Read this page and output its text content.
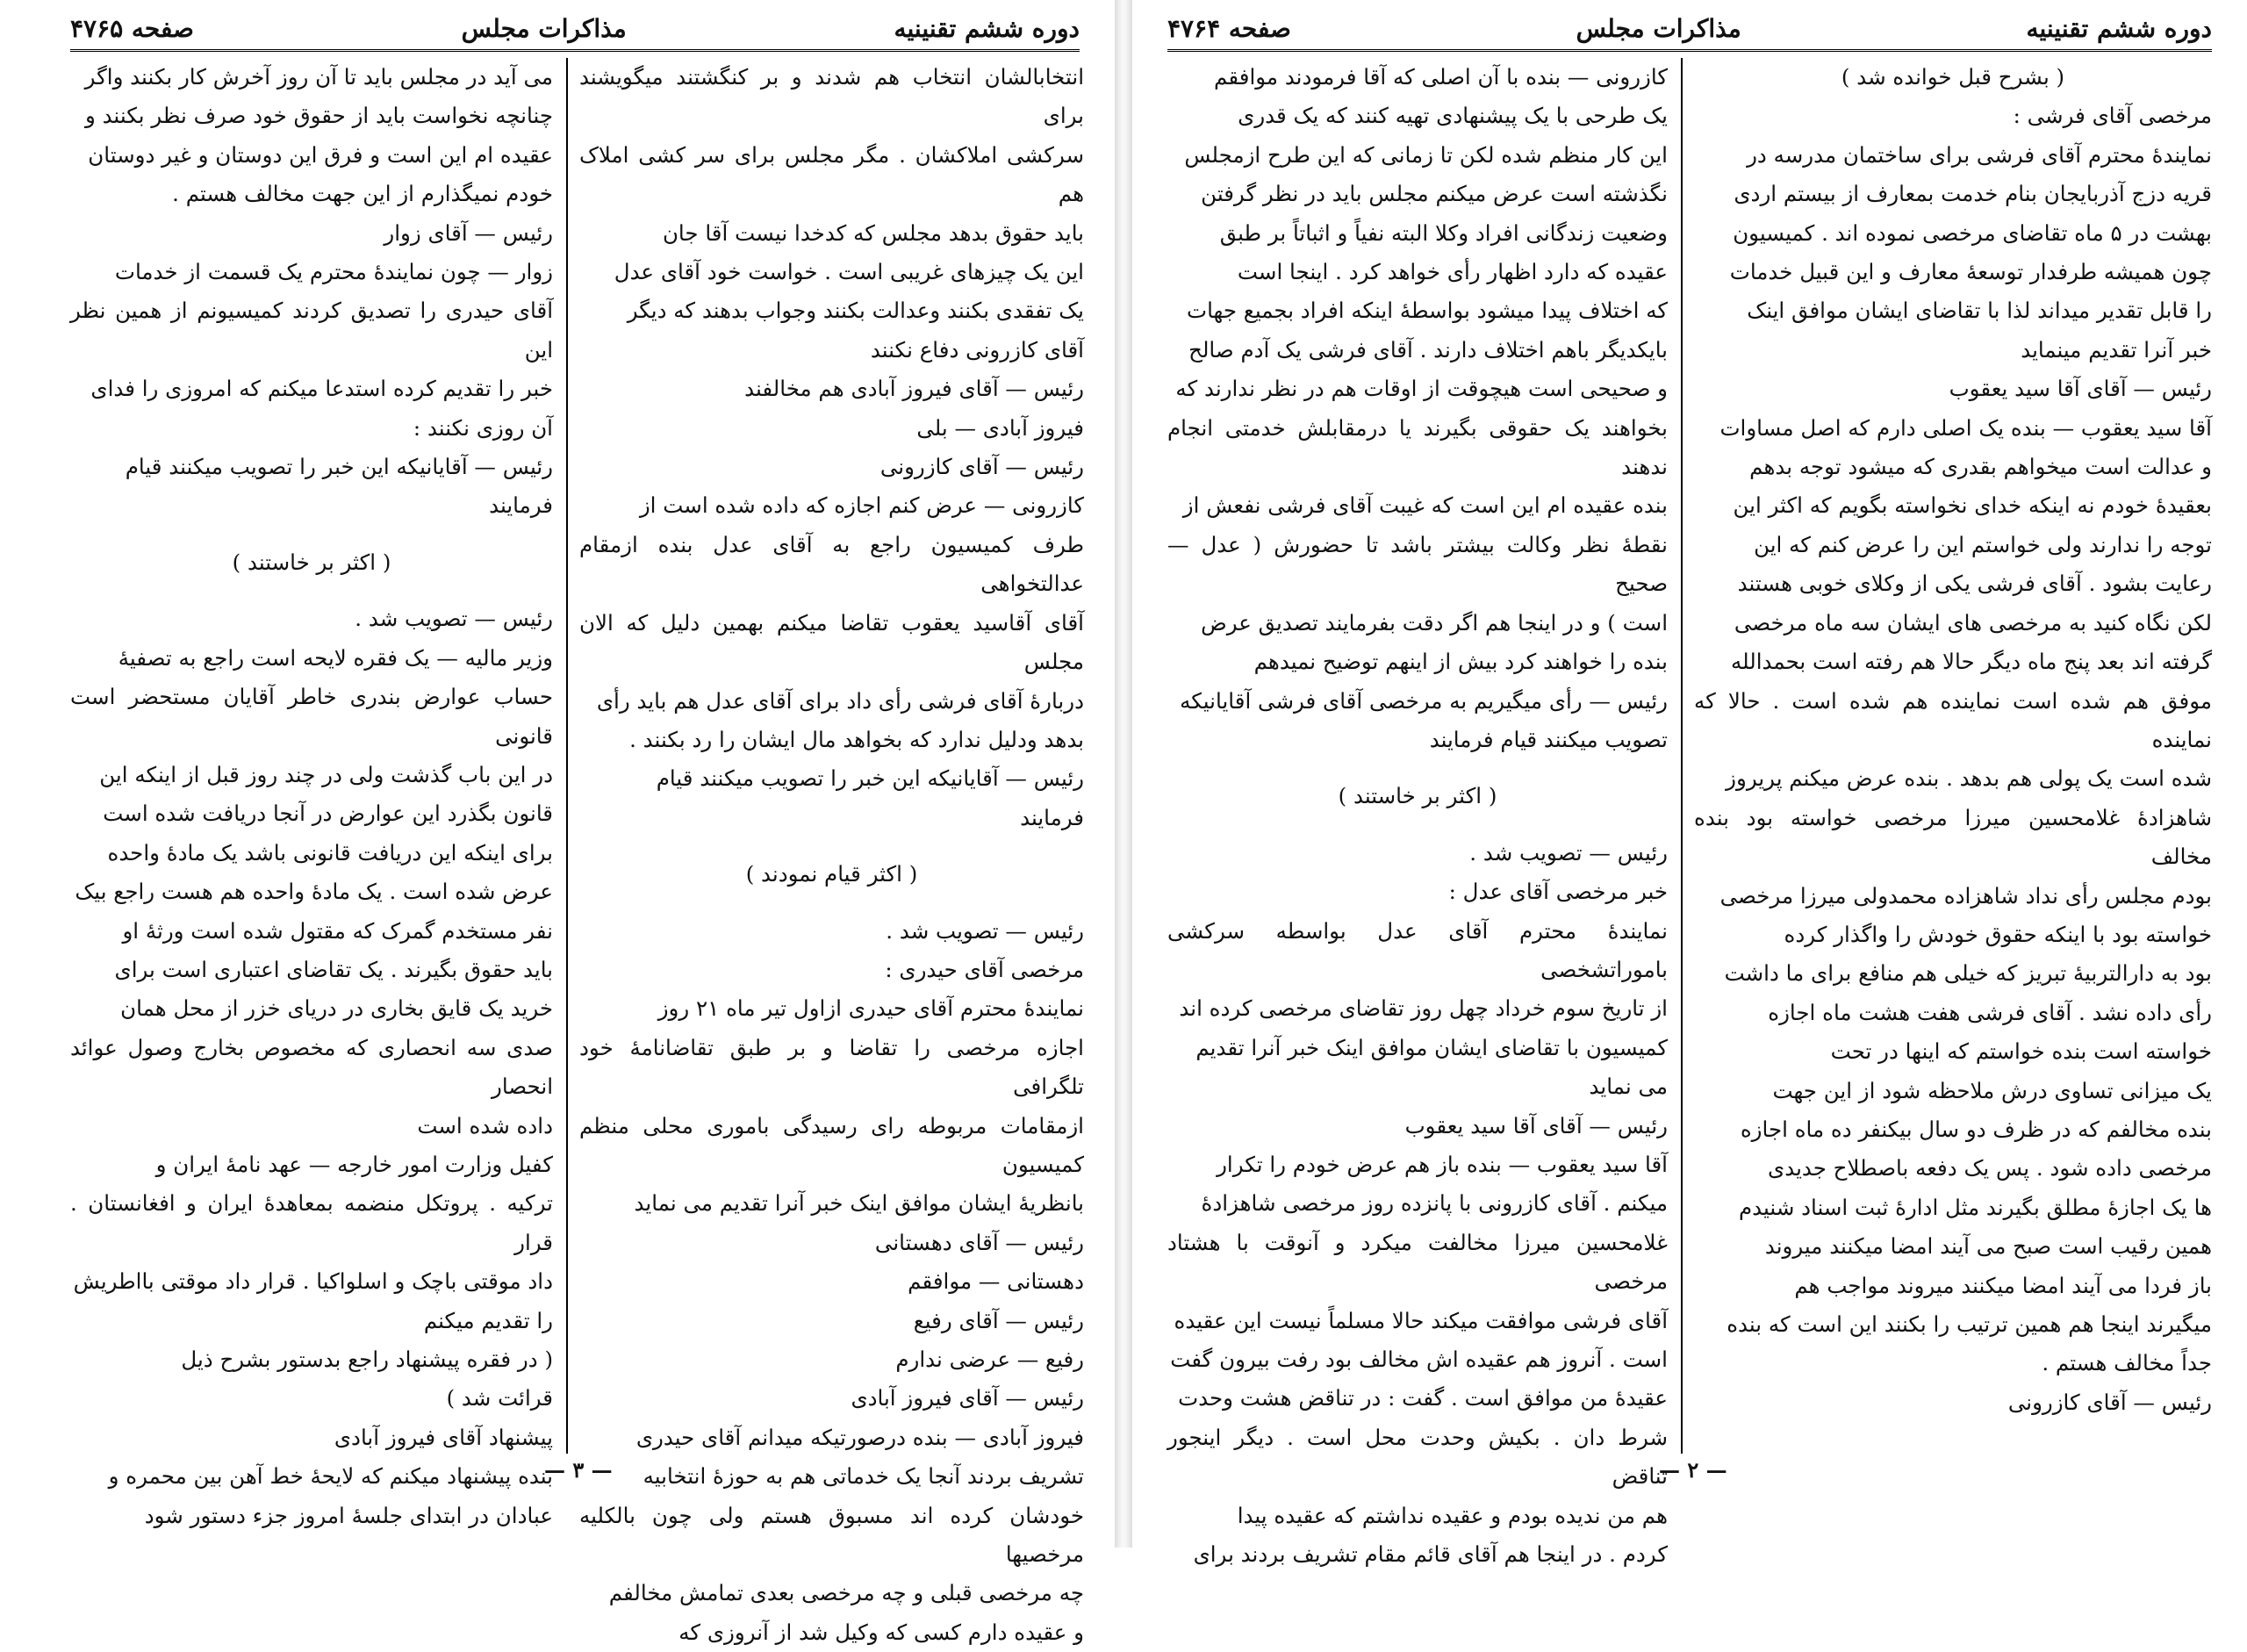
دوره ششم تقنینیه
مذاکرات مجلس
صفحه ۴۷۶۵

انتخابالشان انتخاب هم شدند و بر کنگشتند میگویشند برای

سرکشی املاکشان . مگر مجلس برای سر کشی املاک هم

باید حقوق بدهد مجلس که کدخدا نیست آقا جان

این یک چیزهای غریبی است . خواست خود آقای عدل

یک تفقدی بکنند وعدالت بکنند وجواب بدهند که دیگر

آقای کازرونی دفاع نکنند

رئیس — آقای فیروز آبادی هم مخالفند

فیروز آبادی — بلی

رئیس — آقای کازرونی

کازرونی — عرض کنم اجازه که داده شده است از

طرف کمیسیون راجع به آقای عدل بنده ازمقام عدالتخواهی

آقای آقاسید یعقوب تقاضا میکنم بهمین دلیل که الان مجلس

دربارهٔ آقای فرشی رأی داد برای آقای عدل هم باید رأی

بدهد ودلیل ندارد که بخواهد مال ایشان را رد بکنند .

رئیس — آقایانیکه این خبر را تصویب میکنند قیام

فرمایند

( اکثر قیام نمودند )

رئیس — تصویب شد .

مرخصی آقای حیدری :

نمایندهٔ محترم آقای حیدری ازاول تیر ماه ۲۱ روز

اجازه مرخصی را تقاضا و بر طبق تقاضانامهٔ خود تلگرافی

ازمقامات مربوطه رای رسیدگی باموری محلی منظم کمیسیون

بانظریهٔ ایشان موافق اینک خبر آنرا تقدیم می نماید

رئیس — آقای دهستانی

دهستانی — موافقم

رئیس — آقای رفیع

رفیع — عرضی ندارم

رئیس — آقای فیروز آبادی

فیروز آبادی — بنده درصورتیکه میدانم آقای حیدری

تشریف بردند آنجا یک خدماتی هم به حوزهٔ انتخابیه

خودشان کرده اند مسبوق هستم ولی چون بالکلیه مرخصیها

چه مرخصی قبلی و چه مرخصی بعدی تمامش مخالفم

و عقیده دارم کسی که وکیل شد از آنروزی که

می آید در مجلس باید تا آن روز آخرش کار بکنند واگر

چنانچه نخواست باید از حقوق خود صرف نظر بکنند و

عقیده ام این است و فرق این دوستان و غیر دوستان

خودم نمیگذارم از این جهت مخالف هستم .

رئیس — آقای زوار

زوار — چون نمایندهٔ محترم یک قسمت از خدمات

آقای حیدری را تصدیق کردند کمیسیونم از همین نظر این

خبر را تقدیم کرده استدعا میکنم که امروزی را فدای

آن روزی نکنند :

رئیس — آقایانیکه این خبر را تصویب میکنند قیام

فرمایند

( اکثر بر خاستند )

رئیس — تصویب شد .

وزیر مالیه — یک فقره لایحه است راجع به تصفیهٔ

حساب عوارض بندری خاطر آقایان مستحضر است قانونی

در این باب گذشت ولی در چند روز قبل از اینکه این

قانون بگذرد این عوارض در آنجا دریافت شده است

برای اینکه این دریافت قانونی باشد یک مادهٔ واحده

عرض شده است . یک مادهٔ واحده هم هست راجع بیک

نفر مستخدم گمرک که مقتول شده است ورثهٔ او

باید حقوق بگیرند . یک تقاضای اعتباری است برای

خرید یک قایق بخاری در دریای خزر از محل همان

صدی سه انحصاری که مخصوص بخارج وصول عوائد انحصار

داده شده است

کفیل وزارت امور خارجه — عهد نامهٔ ایران و

ترکیه . پروتکل منضمه بمعاهدهٔ ایران و افغانستان . قرار

داد موقتی باچک و اسلواکیا . قرار داد موقتی بااطریش

را تقدیم میکنم

( در فقره پیشنهاد راجع بدستور بشرح ذیل

قرائت شد )

پیشنهاد آقای فیروز آبادی

بنده پیشنهاد میکنم که لایحهٔ خط آهن بین محمره و

عبادان در ابتدای جلسهٔ امروز جزء دستور شود

— ٣ —
دوره ششم تقنینیه
مذاکرات مجلس
صفحه ۴۷۶۴

( بشرح قبل خوانده شد )

مرخصی آقای فرشی :

نمایندهٔ محترم آقای فرشی برای ساختمان مدرسه در

قریه دزج آذربایجان بنام خدمت بمعارف از بیستم اردی

بهشت در ۵ ماه تقاضای مرخصی نموده اند . کمیسیون

چون همیشه طرفدار توسعهٔ معارف و این قبیل خدمات

را قابل تقدیر میداند لذا با تقاضای ایشان موافق اینک

خبر آنرا تقدیم مینماید

رئیس — آقای آقا سید یعقوب

آقا سید یعقوب — بنده یک اصلی دارم که اصل مساوات

و عدالت است میخواهم بقدری که میشود توجه بدهم

بعقیدهٔ خودم نه اینکه خدای نخواسته بگویم که اکثر این

توجه را ندارند ولی خواستم این را عرض کنم که این

رعایت بشود . آقای فرشی یکی از وکلای خوبی هستند

لکن نگاه کنید به مرخصی های ایشان سه ماه مرخصی

گرفته اند بعد پنج ماه دیگر حالا هم رفته است بحمدالله

موفق هم شده است نماینده هم شده است . حالا که نماینده

شده است یک پولی هم بدهد . بنده عرض میکنم پریروز

شاهزادهٔ غلامحسین میرزا مرخصی خواسته بود بنده مخالف

بودم مجلس رأی نداد شاهزاده محمدولی میرزا مرخصی

خواسته بود با اینکه حقوق خودش را واگذار کرده

بود به دارالتربیهٔ تبریز که خیلی هم منافع برای ما داشت

رأی داده نشد . آقای فرشی هفت هشت ماه اجازه

خواسته است بنده خواستم که اینها در تحت

یک میزانی تساوی درش ملاحظه شود از این جهت

بنده مخالفم که در ظرف دو سال بیکنفر ده ماه اجازه

مرخصی داده شود . پس یک دفعه باصطلاح جدیدی

ها یک اجازهٔ مطلق بگیرند مثل ادارهٔ ثبت اسناد شنیدم

همین رقیب است صبح می آیند امضا میکنند میروند

باز فردا می آیند امضا میکنند میروند مواجب هم

میگیرند اینجا هم همین ترتیب را بکنند این است که بنده

جداً مخالف هستم .

رئیس — آقای کازرونی

کازرونی — بنده با آن اصلی که آقا فرمودند موافقم

یک طرحی با یک پیشنهادی تهیه کنند که یک قدری

این کار منظم شده لکن تا زمانی که این طرح ازمجلس

نگذشته است عرض میکنم مجلس باید در نظر گرفتن

وضعیت زندگانی افراد وکلا البته نفیاً و اثباتاً بر طبق

عقیده که دارد اظهار رأی خواهد کرد . اینجا است

که اختلاف پیدا میشود بواسطهٔ اینکه افراد بجمیع جهات

بایکدیگر باهم اختلاف دارند . آقای فرشی یک آدم صالح

و صحیحی است هیچوقت از اوقات هم در نظر ندارند که

بخواهند یک حقوقی بگیرند یا درمقابلش خدمتی انجام ندهند

بنده عقیده ام این است که غیبت آقای فرشی نفعش از

نقطهٔ نظر وکالت بیشتر باشد تا حضورش ( عدل — صحیح

است ) و در اینجا هم اگر دقت بفرمایند تصدیق عرض

بنده را خواهند کرد بیش از اینهم توضیح نمیدهم

رئیس — رأی میگیریم به مرخصی آقای فرشی آقایانیکه

تصویب میکنند قیام فرمایند

( اکثر بر خاستند )

رئیس — تصویب شد .

خبر مرخصی آقای عدل :

نمایندهٔ محترم آقای عدل بواسطه سرکشی باموراتشخصی

از تاریخ سوم خرداد چهل روز تقاضای مرخصی کرده اند

کمیسیون با تقاضای ایشان موافق اینک خبر آنرا تقدیم

می نماید

رئیس — آقای آقا سید یعقوب

آقا سید یعقوب — بنده باز هم عرض خودم را تکرار

میکنم . آقای کازرونی با پانزده روز مرخصی شاهزادهٔ

غلامحسین میرزا مخالفت میکرد و آنوقت با هشتاد مرخصی

آقای فرشی موافقت میکند حالا مسلماً نیست این عقیده

است . آنروز هم عقیده اش مخالف بود رفت بیرون گفت

عقیدهٔ من موافق است . گفت : در تناقض هشت وحدت

شرط دان . بکیش وحدت محل است . دیگر اینجور تناقض

هم من ندیده بودم و عقیده نداشتم که عقیده پیدا

کردم . در اینجا هم آقای قائم مقام تشریف بردند برای

— ۲ —
